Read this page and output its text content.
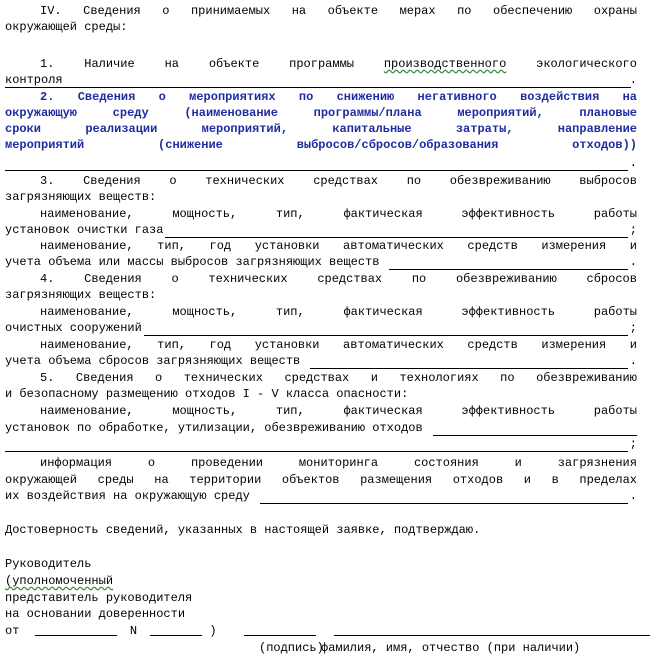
IV. Сведения о принимаемых на объекте мерах по обеспечению охраны
окружающей среды:
1. Наличие на объекте программы производственного экологического
контроля	.
2. Сведения о мероприятиях по снижению негативного воздействия на
окружающую	среду	(наименование	программы/плана	мероприятий,	плановые
сроки	реализации	мероприятий,	капитальные	затраты,	направление
мероприятий	(снижение	выбросов/сбросов/образования	отходов))
.
3. Сведения о технических средствах по обезвреживанию выбросов
загрязняющих веществ:
наименование,	мощность,	тип,	фактическая	эффективность	работы
установок очистки газа	;
наименование, тип, год установки автоматических средств измерения и
учета объема или массы выбросов загрязняющих веществ	.
4. Сведения о технических средствах по обезвреживанию сбросов
загрязняющих веществ:
наименование,	мощность,	тип,	фактическая	эффективность	работы
очистных сооружений	;
наименование, тип, год установки автоматических средств измерения и
учета объема сбросов загрязняющих веществ	.
5. Сведения о технических средствах и технологиях по обезвреживанию
и безопасному размещению отходов I - V класса опасности:
наименование,	мощность,	тип,	фактическая	эффективность	работы
установок по обработке, утилизации, обезвреживанию отходов
;
информация	о	проведении	мониторинга	состояния	и	загрязнения
окружающей среды на территории объектов размещения отходов и в пределах
их воздействия на окружающую среду	.
Достоверность сведений, указанных в настоящей заявке, подтверждаю.
Руководитель
(уполномоченный
представитель руководителя
на основании доверенности
от	N	)
(подпись)
фамилия, имя, отчество (при наличии)
